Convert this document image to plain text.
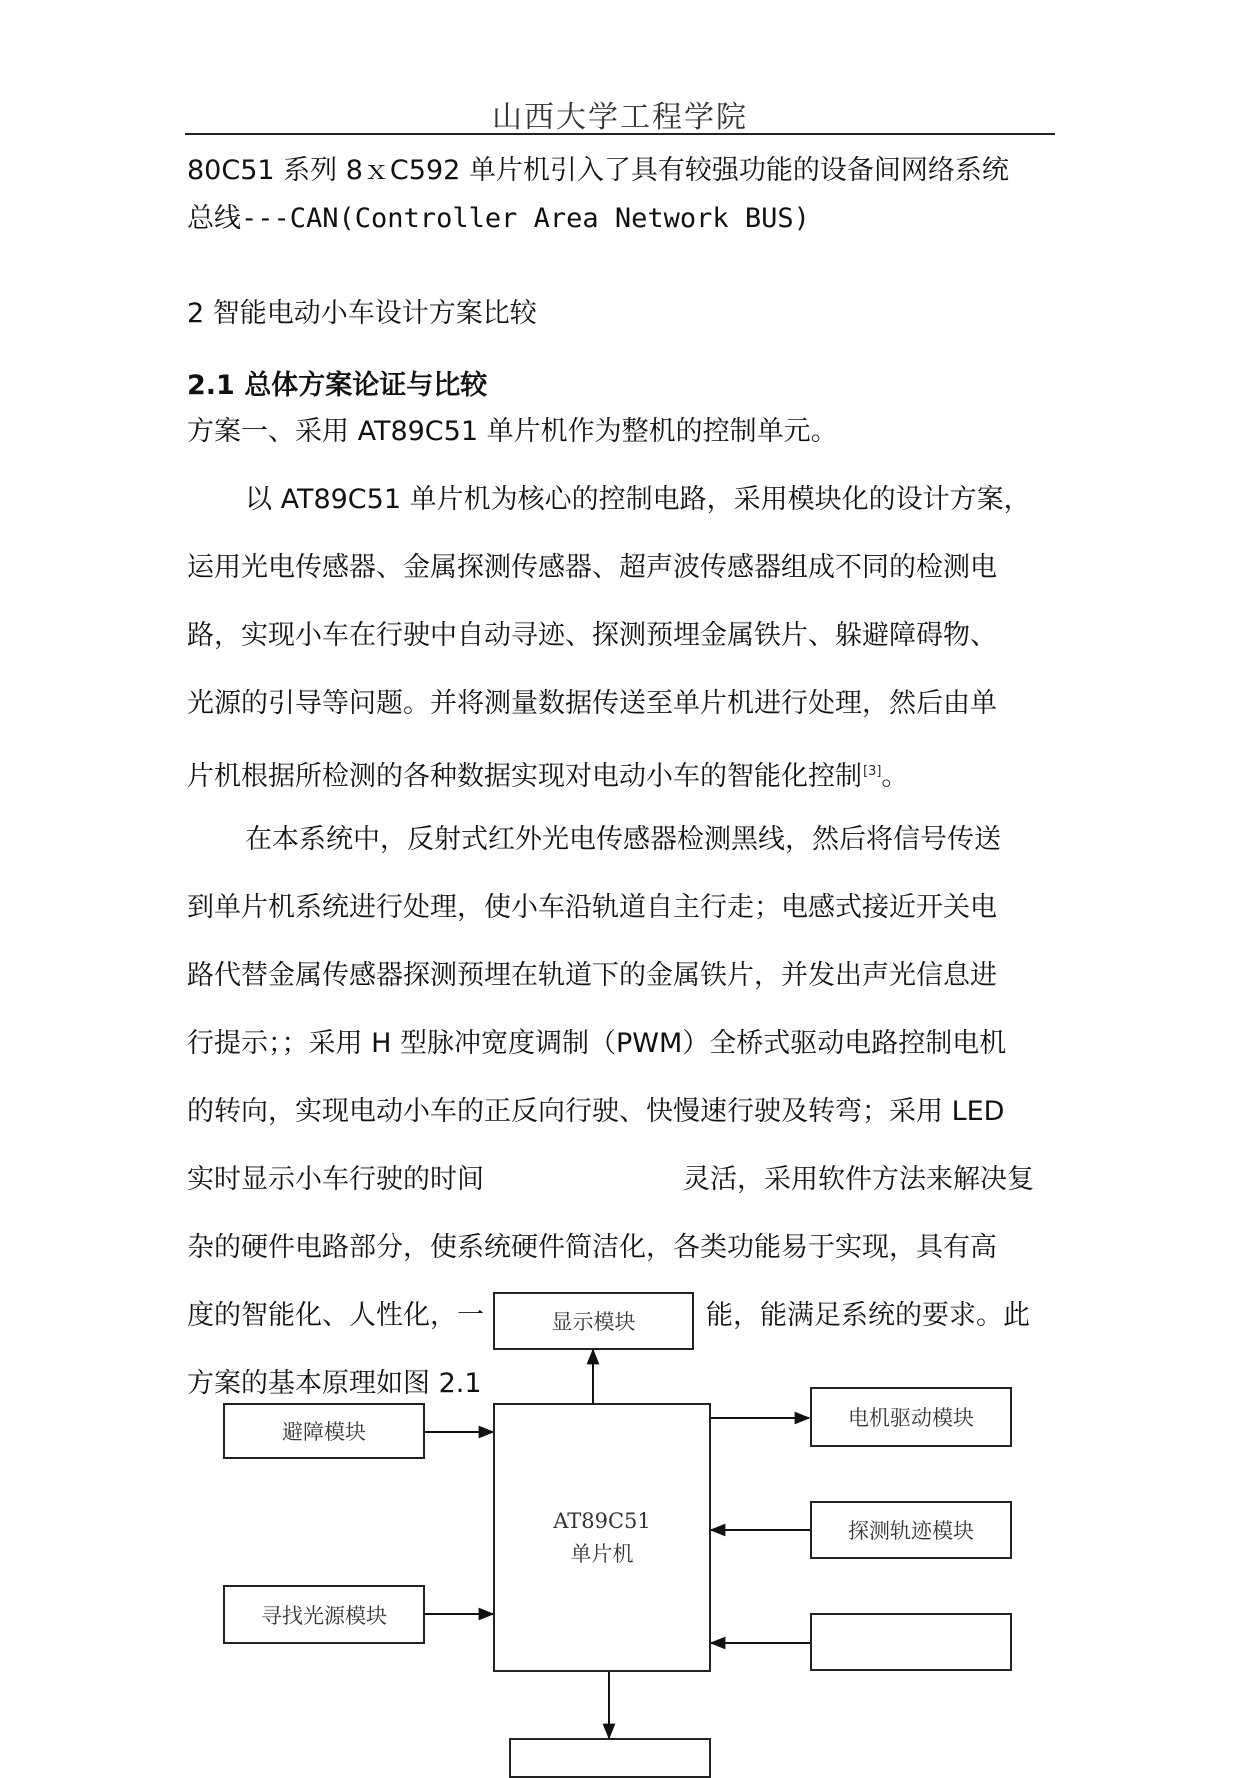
山西大学工程学院
80C51 系列 8ｘC592 单片机引入了具有较强功能的设备间网络系统
总线---CAN(Controller Area Network BUS)
2 智能电动小车设计方案比较
2.1 总体方案论证与比较
方案一、采用 AT89C51 单片机作为整机的控制单元。
以 AT89C51 单片机为核心的控制电路，采用模块化的设计方案，
运用光电传感器、金属探测传感器、超声波传感器组成不同的检测电
路，实现小车在行驶中自动寻迹、探测预埋金属铁片、躲避障碍物、
光源的引导等问题。并将测量数据传送至单片机进行处理，然后由单
片机根据所检测的各种数据实现对电动小车的智能化控制[3]。
在本系统中，反射式红外光电传感器检测黑线，然后将信号传送
到单片机系统进行处理，使小车沿轨道自主行走；电感式接近开关电
路代替金属传感器探测预埋在轨道下的金属铁片，并发出声光信息进
行提示；；采用 H 型脉冲宽度调制（PWM）全桥式驱动电路控制电机
的转向，实现电动小车的正反向行驶、快慢速行驶及转弯；采用 LED
实时显示小车行驶的时间	灵活，采用软件方法来解决复
杂的硬件电路部分，使系统硬件简洁化，各类功能易于实现，具有高
度的智能化、人性化，一	能，能满足系统的要求。此
方案的基本原理如图 2.1
显示模块
避障模块
AT89C51
单片机
电机驱动模块
探测轨迹模块
寻找光源模块
